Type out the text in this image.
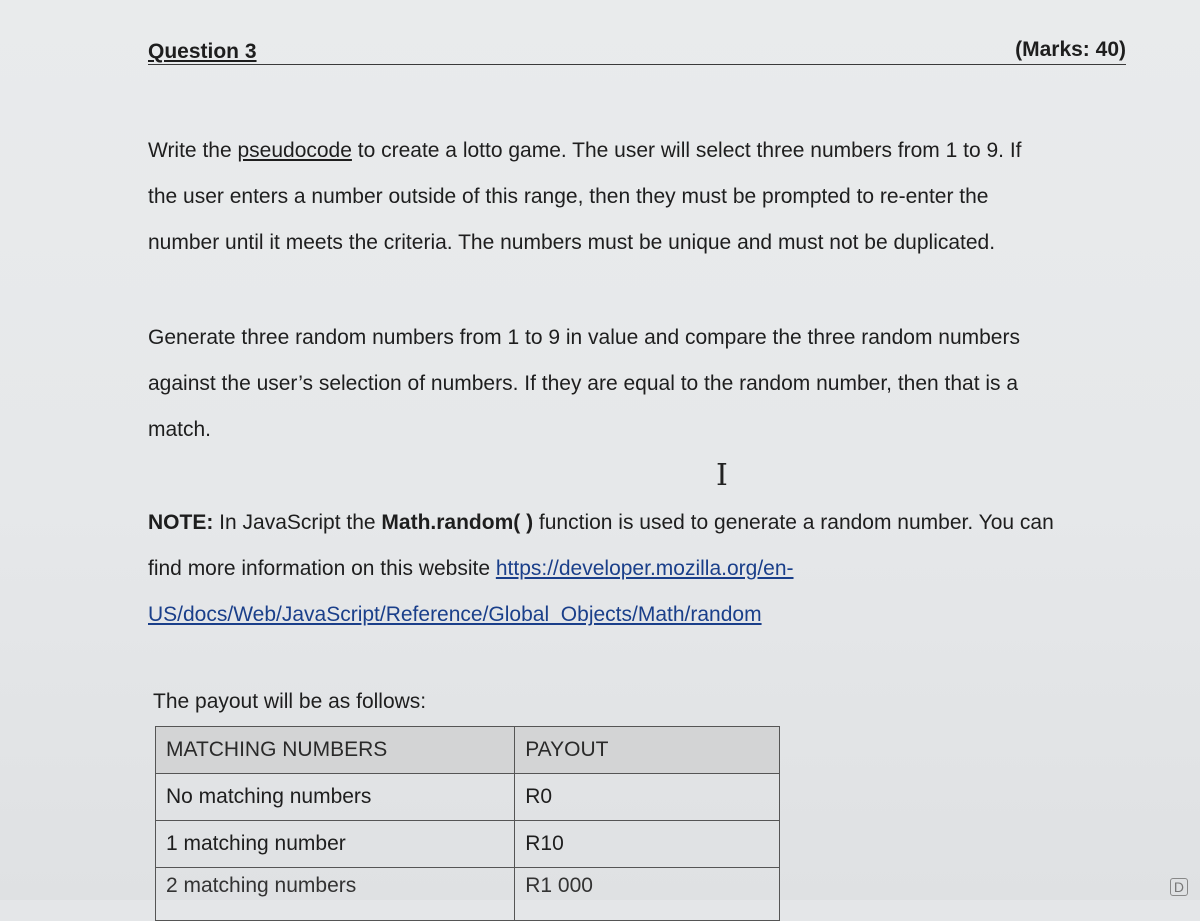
Question 3	(Marks: 40)
Write the pseudocode to create a lotto game. The user will select three numbers from 1 to 9. If
the user enters a number outside of this range, then they must be prompted to re-enter the
number until it meets the criteria. The numbers must be unique and must not be duplicated.
Generate three random numbers from 1 to 9 in value and compare the three random numbers
against the user’s selection of numbers. If they are equal to the random number, then that is a
match.
NOTE: In JavaScript the Math.random( ) function is used to generate a random number. You can
find more information on this website https://developer.mozilla.org/en-
US/docs/Web/JavaScript/Reference/Global_Objects/Math/random
The payout will be as follows:
MATCHING NUMBERS	PAYOUT
No matching numbers	R0
1 matching number	R10
2 matching numbers	R1 000
I
D
